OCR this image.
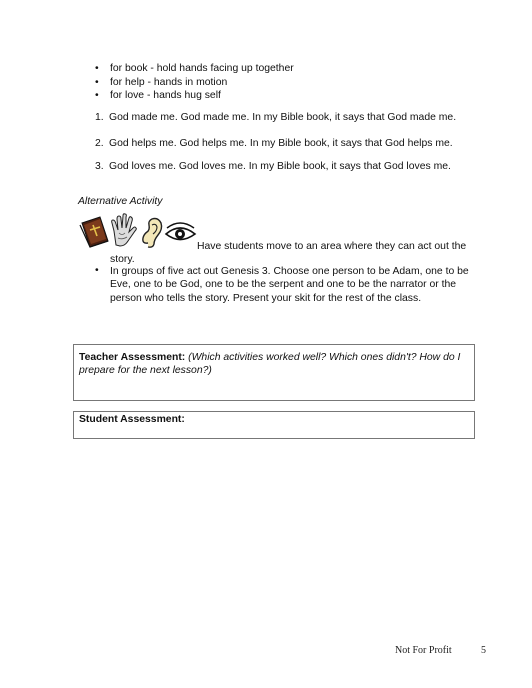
• for book - hold hands facing up together
• for help - hands in motion
• for love - hands hug self
1. God made me. God made me. In my Bible book, it says that God made me.
2. God helps me. God helps me. In my Bible book, it says that God helps me.
3. God loves me. God loves me. In my Bible book, it says that God loves me.
Alternative Activity
Have students move to an area where they can act out the
story.
• In groups of five act out Genesis 3. Choose one person to be Adam, one to be Eve, one to be God, one to be the serpent and one to be the narrator or the person who tells the story. Present your skit for the rest of the class.
Teacher Assessment: (Which activities worked well? Which ones didn't? How do I prepare for the next lesson?)
Student Assessment:
Not For Profit	5
